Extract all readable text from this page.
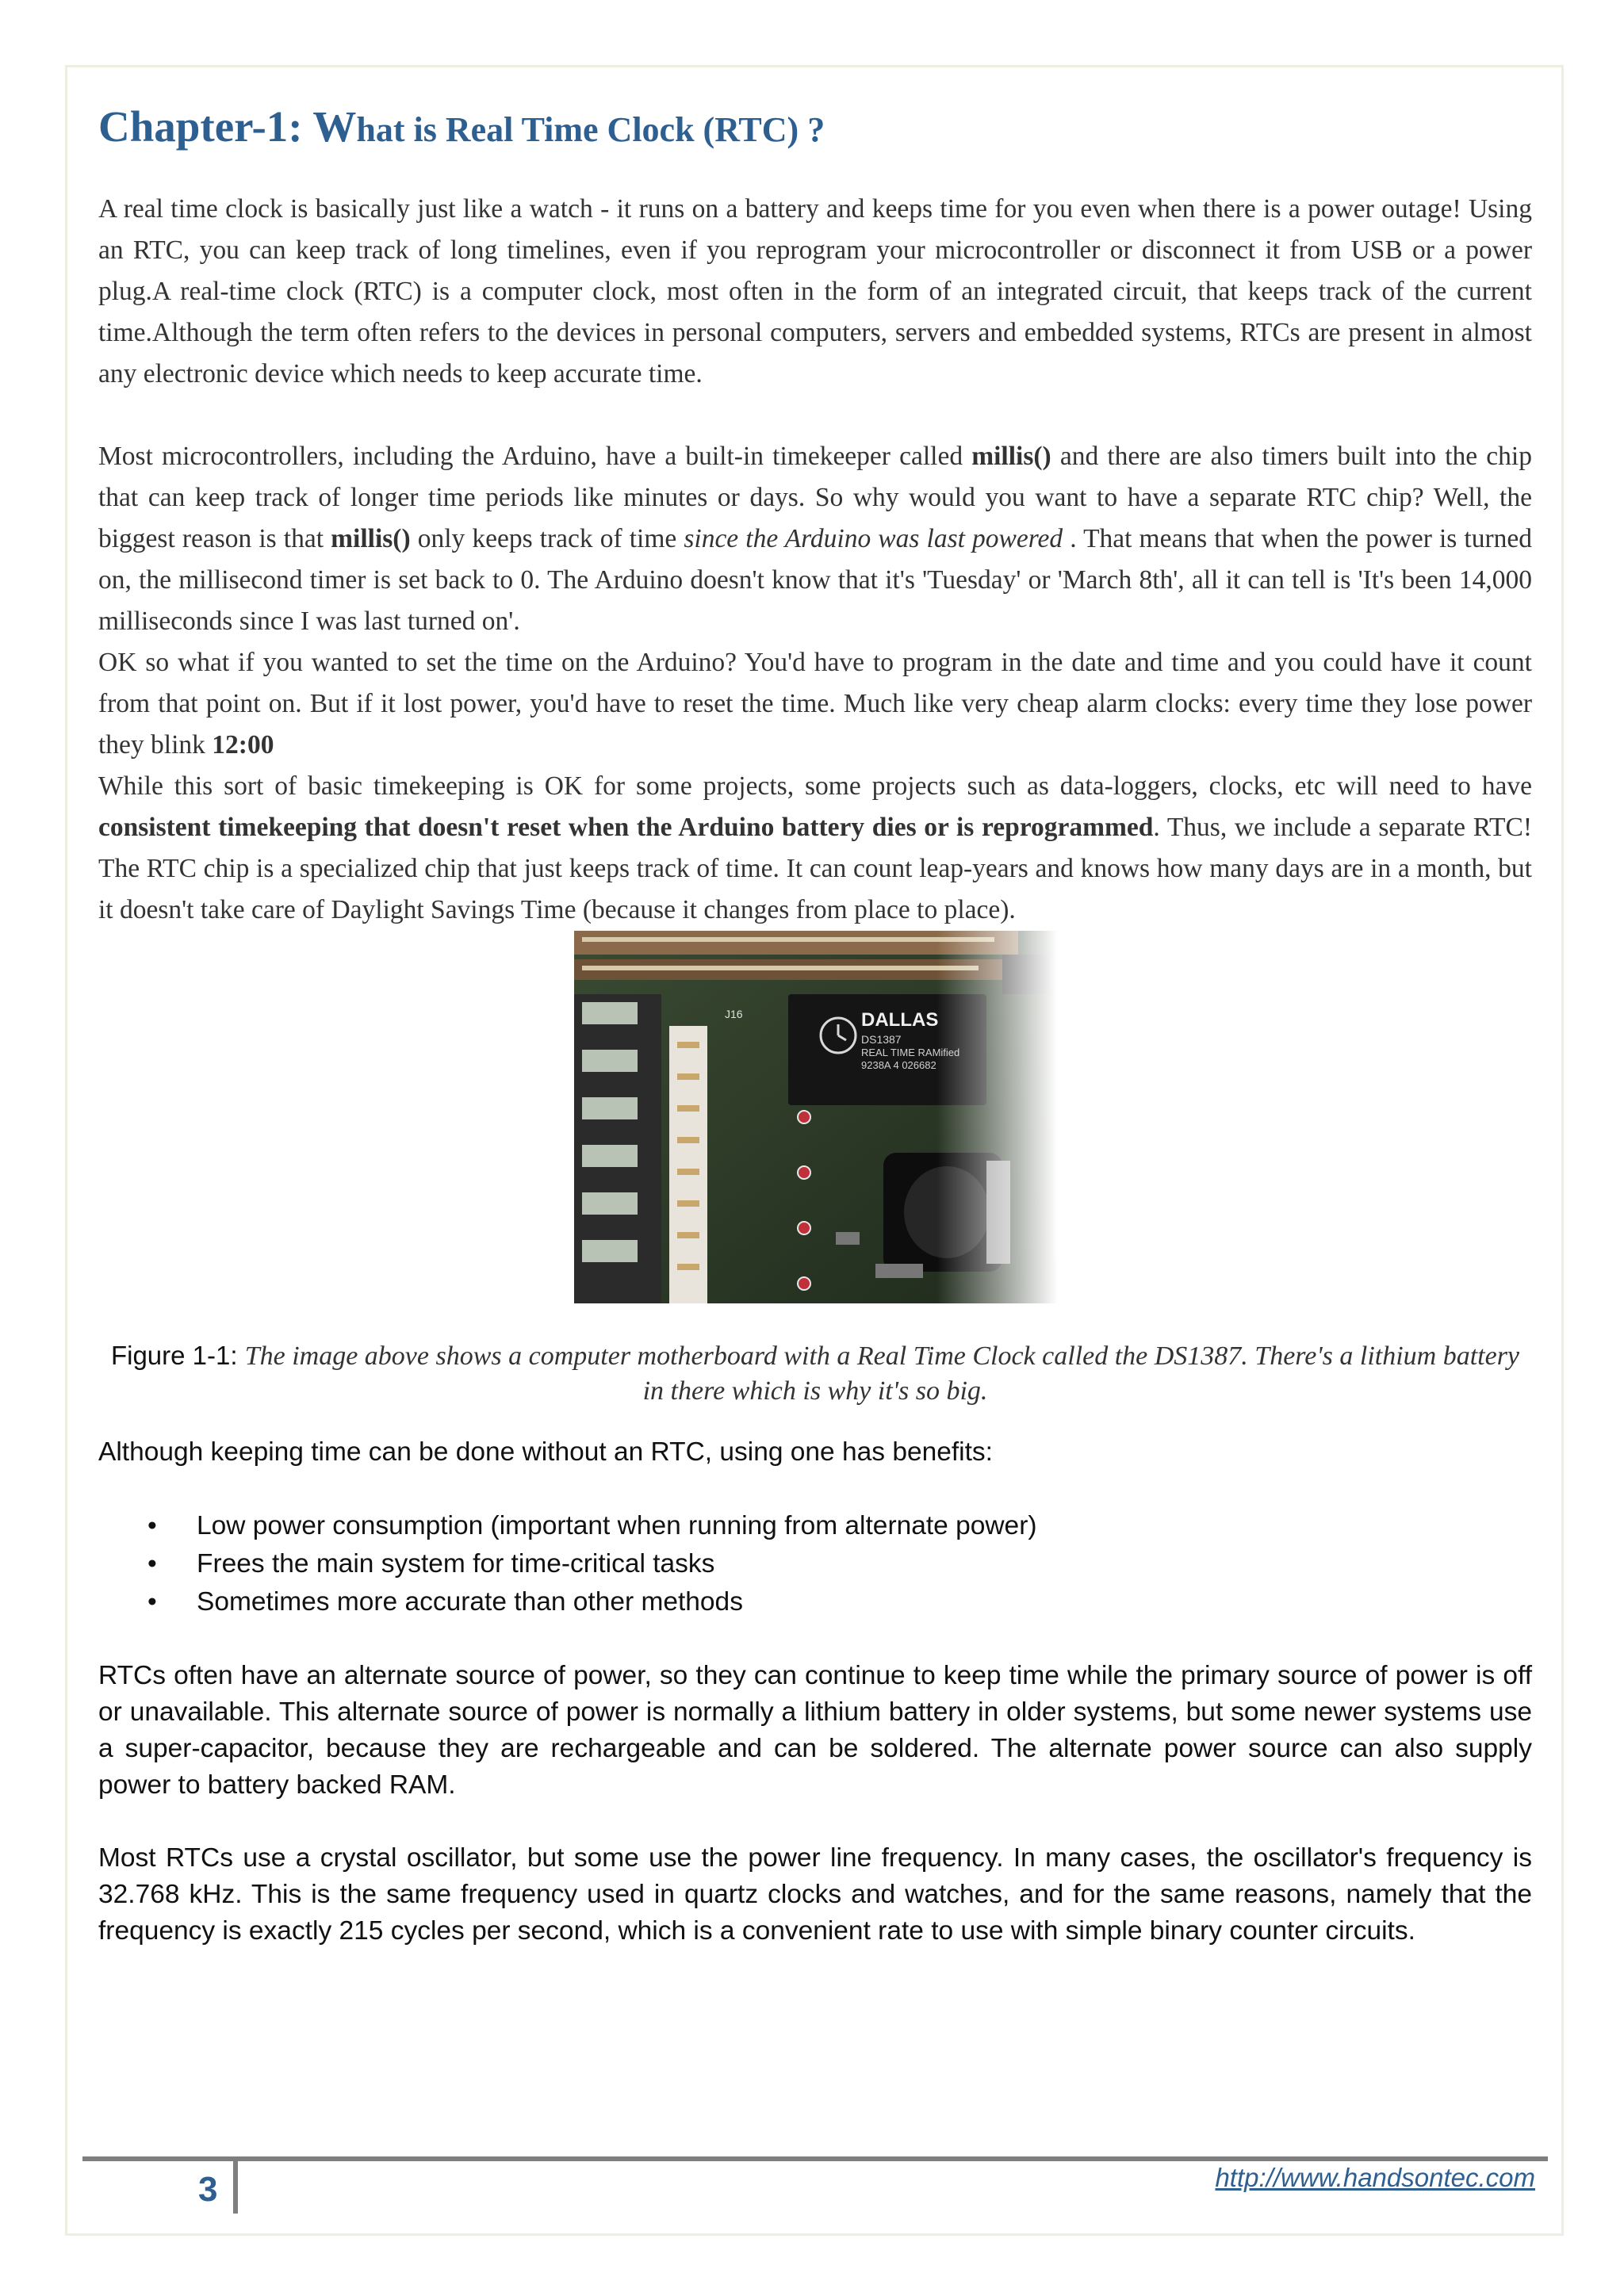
Chapter-1: What is Real Time Clock (RTC) ?

A real time clock is basically just like a watch - it runs on a battery and keeps time for you even when there is a power outage! Using an RTC, you can keep track of long timelines, even if you reprogram your microcontroller or disconnect it from USB or a power plug.A real-time clock (RTC) is a computer clock, most often in the form of an integrated circuit, that keeps track of the current time.Although the term often refers to the devices in personal computers, servers and embedded systems, RTCs are present in almost any electronic device which needs to keep accurate time.

Most microcontrollers, including the Arduino, have a built-in timekeeper called millis() and there are also timers built into the chip that can keep track of longer time periods like minutes or days. So why would you want to have a separate RTC chip? Well, the biggest reason is that millis() only keeps track of time since the Arduino was last powered . That means that when the power is turned on, the millisecond timer is set back to 0. The Arduino doesn't know that it's 'Tuesday' or 'March 8th', all it can tell is 'It's been 14,000 milliseconds since I was last turned on'.

OK so what if you wanted to set the time on the Arduino? You'd have to program in the date and time and you could have it count from that point on. But if it lost power, you'd have to reset the time. Much like very cheap alarm clocks: every time they lose power they blink 12:00

While this sort of basic timekeeping is OK for some projects, some projects such as data-loggers, clocks, etc will need to have consistent timekeeping that doesn't reset when the Arduino battery dies or is reprogrammed. Thus, we include a separate RTC! The RTC chip is a specialized chip that just keeps track of time. It can count leap-years and knows how many days are in a month, but it doesn't take care of Daylight Savings Time (because it changes from place to place).

Figure 1-1: The image above shows a computer motherboard with a Real Time Clock called the DS1387. There's a lithium battery in there which is why it's so big.

Although keeping time can be done without an RTC, using one has benefits:

• Low power consumption (important when running from alternate power)
• Frees the main system for time-critical tasks
• Sometimes more accurate than other methods

RTCs often have an alternate source of power, so they can continue to keep time while the primary source of power is off or unavailable. This alternate source of power is normally a lithium battery in older systems, but some newer systems use a super-capacitor, because they are rechargeable and can be soldered. The alternate power source can also supply power to battery backed RAM.

Most RTCs use a crystal oscillator, but some use the power line frequency. In many cases, the oscillator's frequency is 32.768 kHz. This is the same frequency used in quartz clocks and watches, and for the same reasons, namely that the frequency is exactly 215 cycles per second, which is a convenient rate to use with simple binary counter circuits.

3	http://www.handsontec.com
